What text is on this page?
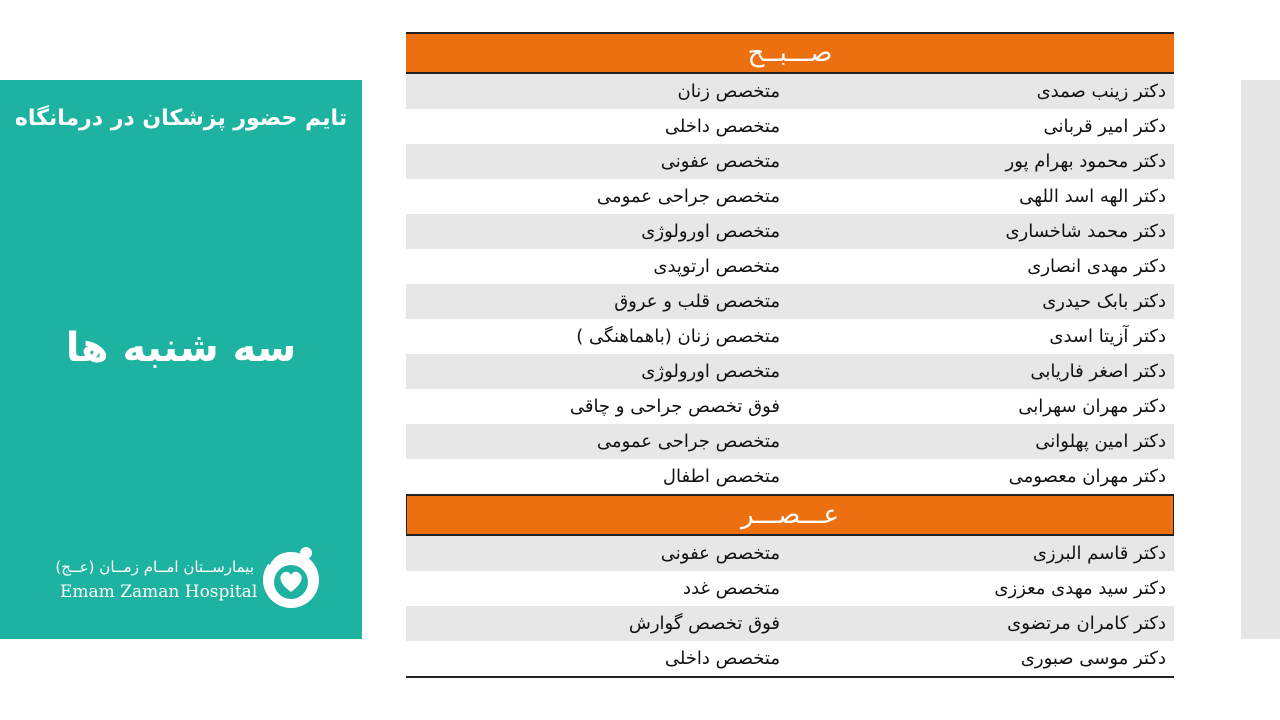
تایم حضور پزشکان در درمانگاه
سه شنبه ها
بیمارســتان امــام زمــان (عــج)
Emam Zaman Hospital
صـــبــح
دکتر زینب صمدی
متخصص زنان
دکتر امیر قربانی
متخصص داخلی
دکتر محمود بهرام پور
متخصص عفونی
دکتر الهه اسد اللهی
متخصص جراحی عمومی
دکتر محمد شاخساری
متخصص اورولوژی
دکتر مهدی انصاری
متخصص ارتوپدی
دکتر بابک حیدری
متخصص قلب و عروق
دکتر آزیتا اسدی
متخصص زنان (باهماهنگی )
دکتر اصغر فاریابی
متخصص اورولوژی
دکتر مهران سهرابی
فوق تخصص جراحی و چاقی
دکتر امین پهلوانی
متخصص جراحی عمومی
دکتر مهران معصومی
متخصص اطفال
عـــصـــر
دکتر قاسم البرزی
متخصص عفونی
دکتر سید مهدی معززی
متخصص غدد
دکتر کامران مرتضوی
فوق تخصص گوارش
دکتر موسی صبوری
متخصص داخلی
